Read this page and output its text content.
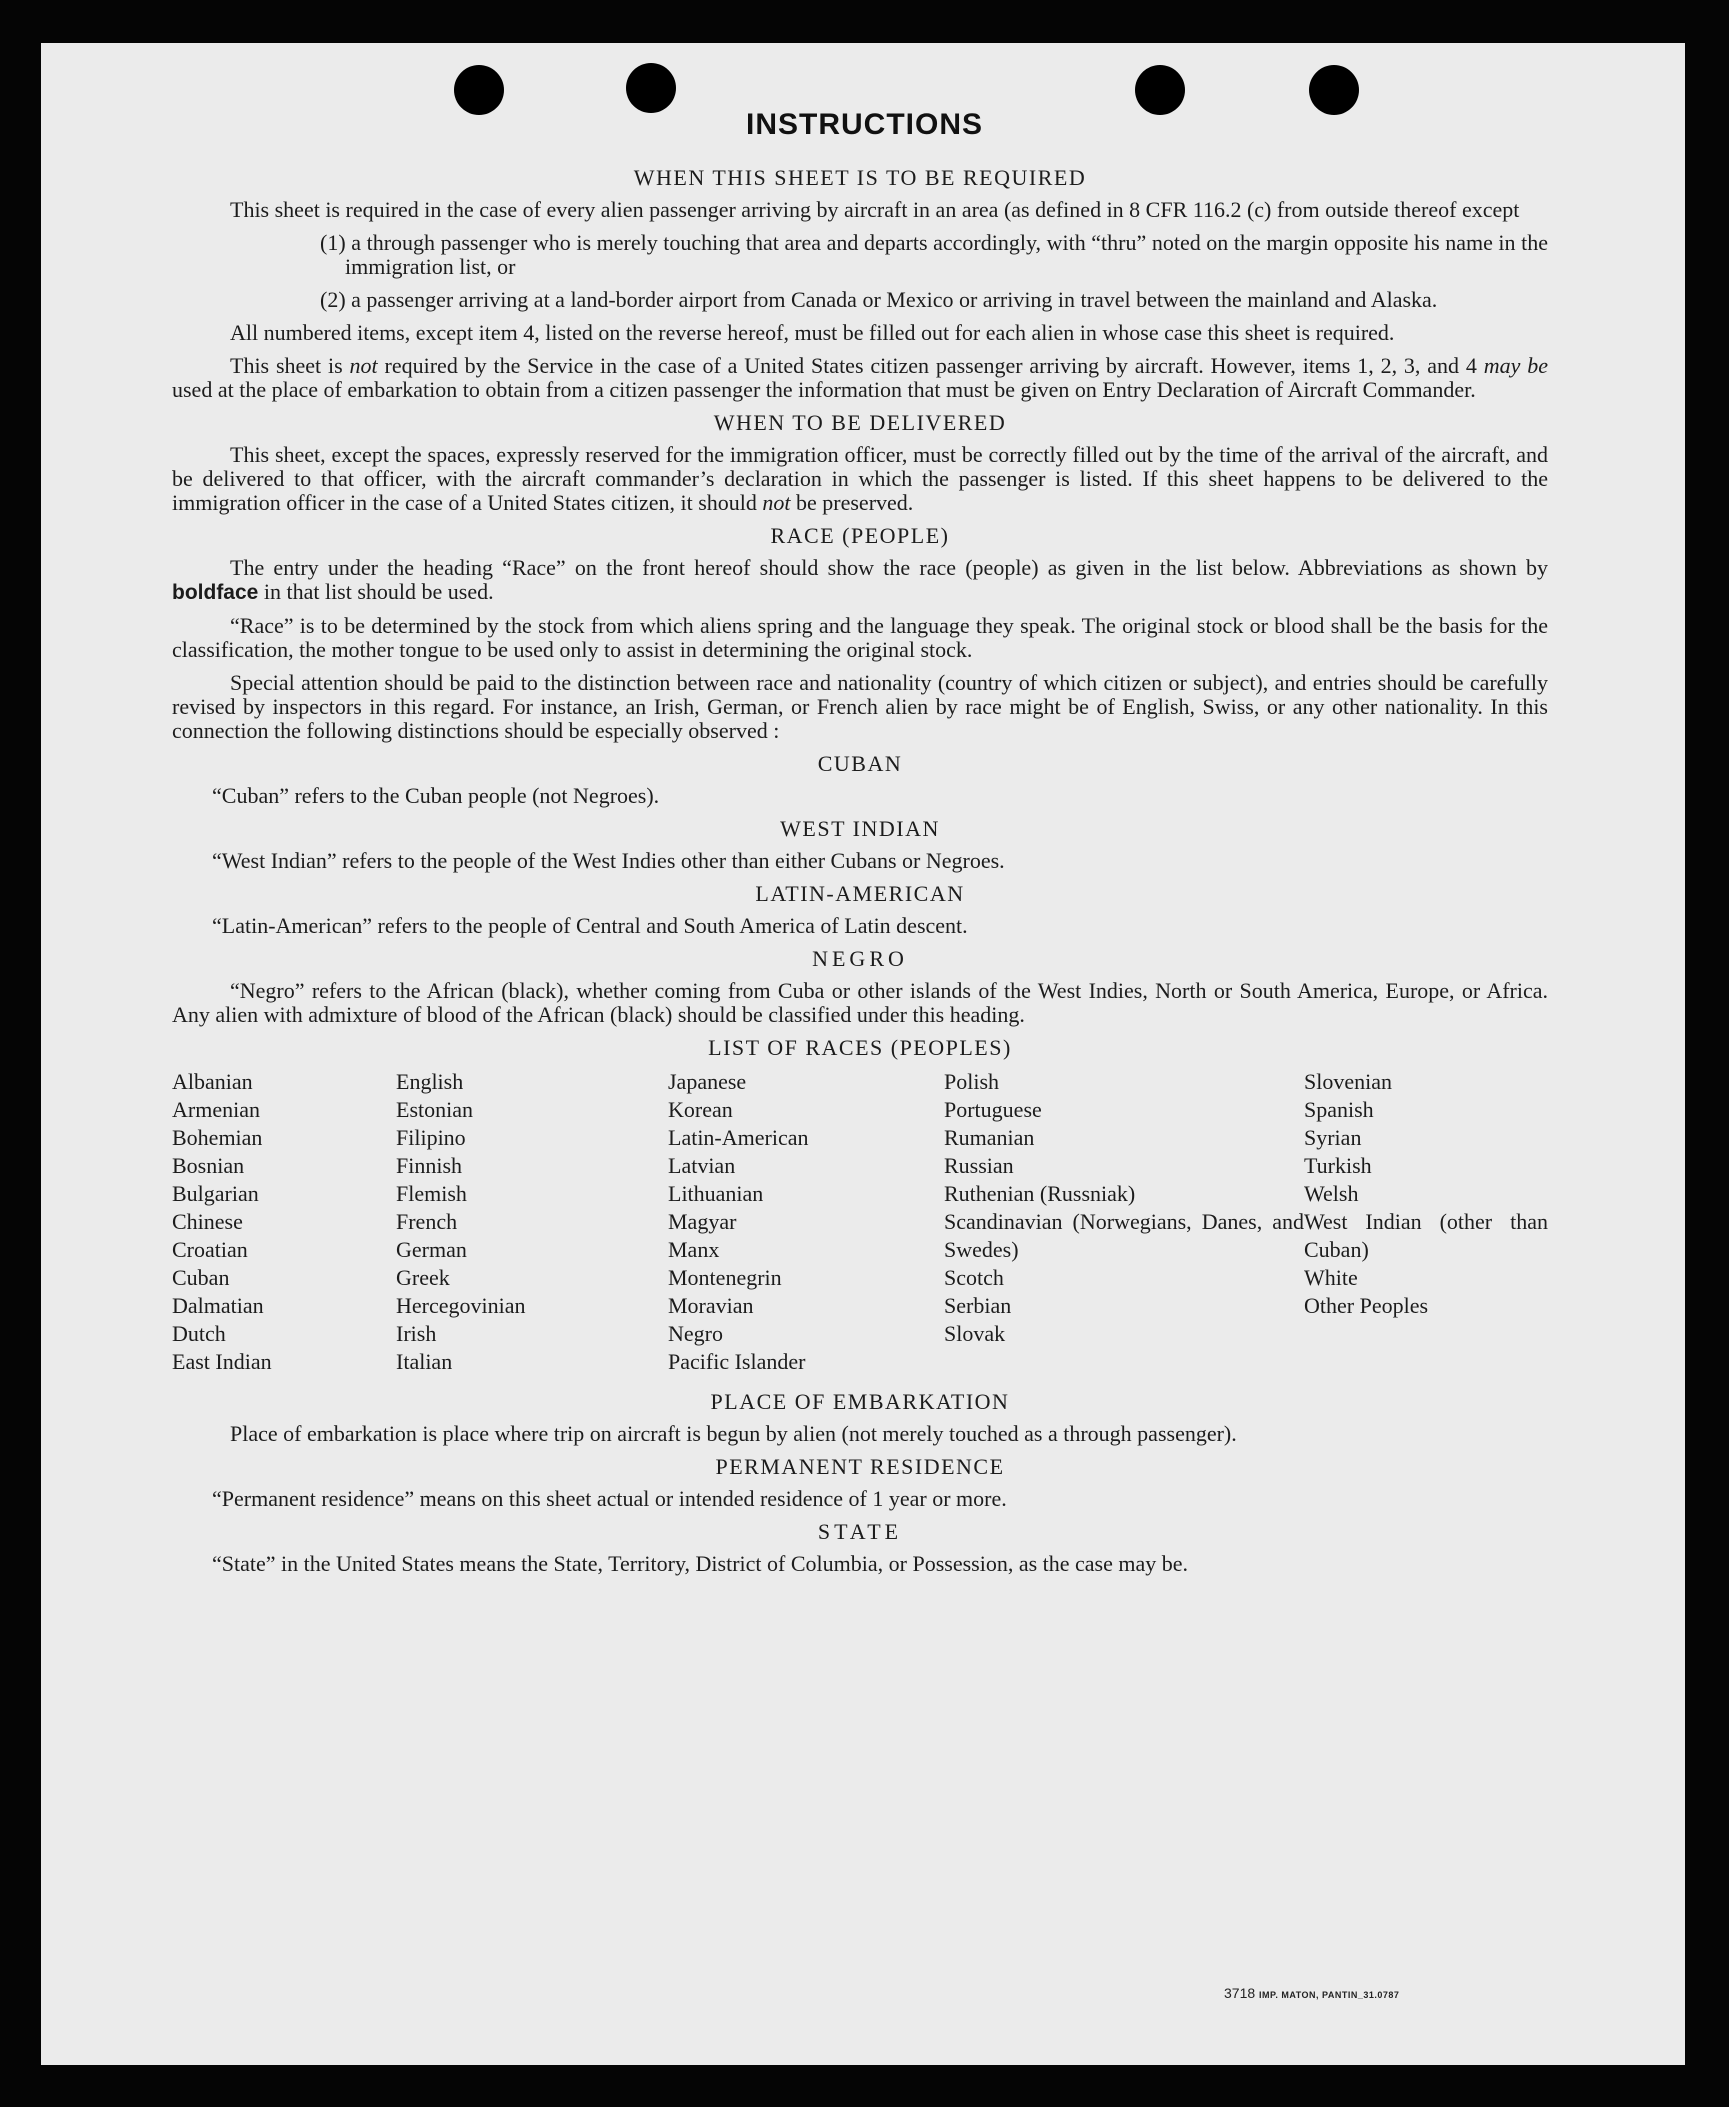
INSTRUCTIONS
WHEN THIS SHEET IS TO BE REQUIRED

This sheet is required in the case of every alien passenger arriving by aircraft in an area (as defined in 8 CFR 116.2 (c) from outside thereof except

(1) a through passenger who is merely touching that area and departs accordingly, with “thru” noted on the margin opposite his name in the immigration list, or
(2) a passenger arriving at a land-border airport from Canada or Mexico or arriving in travel between the mainland and Alaska.

All numbered items, except item 4, listed on the reverse hereof, must be filled out for each alien in whose case this sheet is required.

This sheet is not required by the Service in the case of a United States citizen passenger arriving by aircraft. However, items 1, 2, 3, and 4 may be used at the place of embarkation to obtain from a citizen passenger the information that must be given on Entry Declaration of Aircraft Commander.

WHEN TO BE DELIVERED

This sheet, except the spaces, expressly reserved for the immigration officer, must be correctly filled out by the time of the arrival of the aircraft, and be delivered to that officer, with the aircraft commander’s declaration in which the passenger is listed. If this sheet happens to be delivered to the immigration officer in the case of a United States citizen, it should not be preserved.

RACE (PEOPLE)

The entry under the heading “Race” on the front hereof should show the race (people) as given in the list below. Abbreviations as shown by boldface in that list should be used.

“Race” is to be determined by the stock from which aliens spring and the language they speak. The original stock or blood shall be the basis for the classification, the mother tongue to be used only to assist in determining the original stock.

Special attention should be paid to the distinction between race and nationality (country of which citizen or subject), and entries should be carefully revised by inspectors in this regard. For instance, an Irish, German, or French alien by race might be of English, Swiss, or any other nationality. In this connection the following distinctions should be especially observed :

CUBAN

“Cuban” refers to the Cuban people (not Negroes).

WEST INDIAN

“West Indian” refers to the people of the West Indies other than either Cubans or Negroes.

LATIN-AMERICAN

“Latin-American” refers to the people of Central and South America of Latin descent.

NEGRO

“Negro” refers to the African (black), whether coming from Cuba or other islands of the West Indies, North or South America, Europe, or Africa. Any alien with admixture of blood of the African (black) should be classified under this heading.

LIST OF RACES (PEOPLES)
Albanian
Armenian
Bohemian
Bosnian
Bulgarian
Chinese
Croatian
Cuban
Dalmatian
Dutch
East Indian
English
Estonian
Filipino
Finnish
Flemish
French
German
Greek
Hercegovinian
Irish
Italian
Japanese
Korean
Latin-American
Latvian
Lithuanian
Magyar
Manx
Montenegrin
Moravian
Negro
Pacific Islander
Polish
Portuguese
Rumanian
Russian
Ruthenian (Russniak)
Scandinavian (Norwegians, Danes, and Swedes)
Scotch
Serbian
Slovak
Slovenian
Spanish
Syrian
Turkish
Welsh
West Indian (other than Cuban)
White
Other Peoples
PLACE OF EMBARKATION

Place of embarkation is place where trip on aircraft is begun by alien (not merely touched as a through passenger).

PERMANENT RESIDENCE

“Permanent residence” means on this sheet actual or intended residence of 1 year or more.

STATE

“State” in the United States means the State, Territory, District of Columbia, or Possession, as the case may be.

3718 IMP. MATON, PANTIN_31.0787
